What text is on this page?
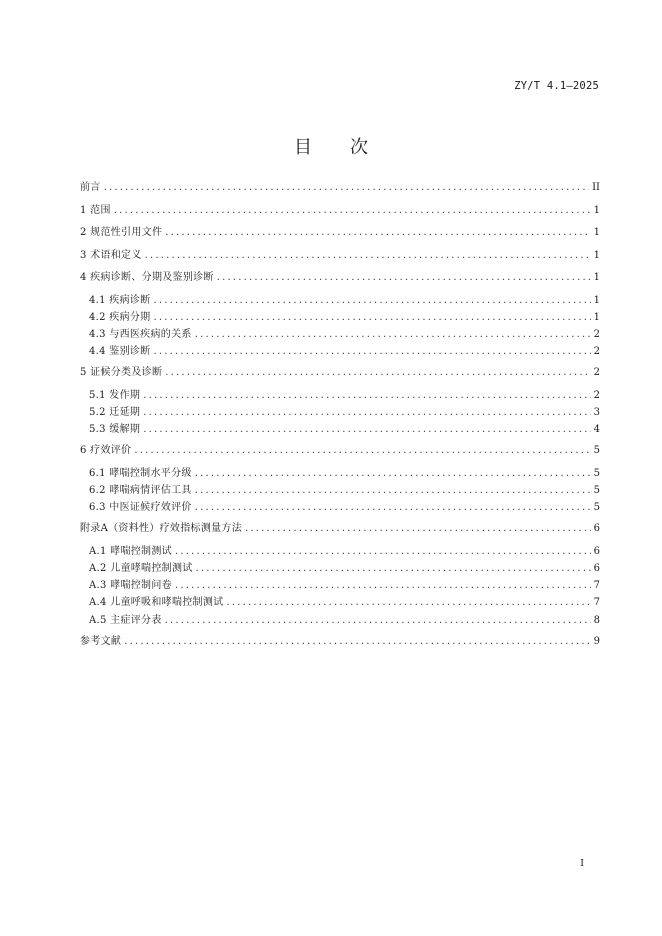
ZY/T 4.1—2025
目次
前言 .....	II
1 范围 .....	1
2 规范性引用文件 .....	1
3 术语和定义 .....	1
4 疾病诊断、分期及鉴别诊断 .....	1
4.1 疾病诊断 .....	1
4.2 疾病分期 .....	1
4.3 与西医疾病的关系 .....	2
4.4 鉴别诊断 .....	2
5 证候分类及诊断 .....	2
5.1 发作期 .....	2
5.2 迁延期 .....	3
5.3 缓解期 .....	4
6 疗效评价 .....	5
6.1 哮喘控制水平分级 .....	5
6.2 哮喘病情评估工具 .....	5
6.3 中医证候疗效评价 .....	5
附录A（资料性）疗效指标测量方法 .....	6
A.1 哮喘控制测试 .....	6
A.2 儿童哮喘控制测试 .....	6
A.3 哮喘控制问卷 .....	7
A.4 儿童呼吸和哮喘控制测试 .....	7
A.5 主症评分表 .....	8
参考文献 .....	9
I
